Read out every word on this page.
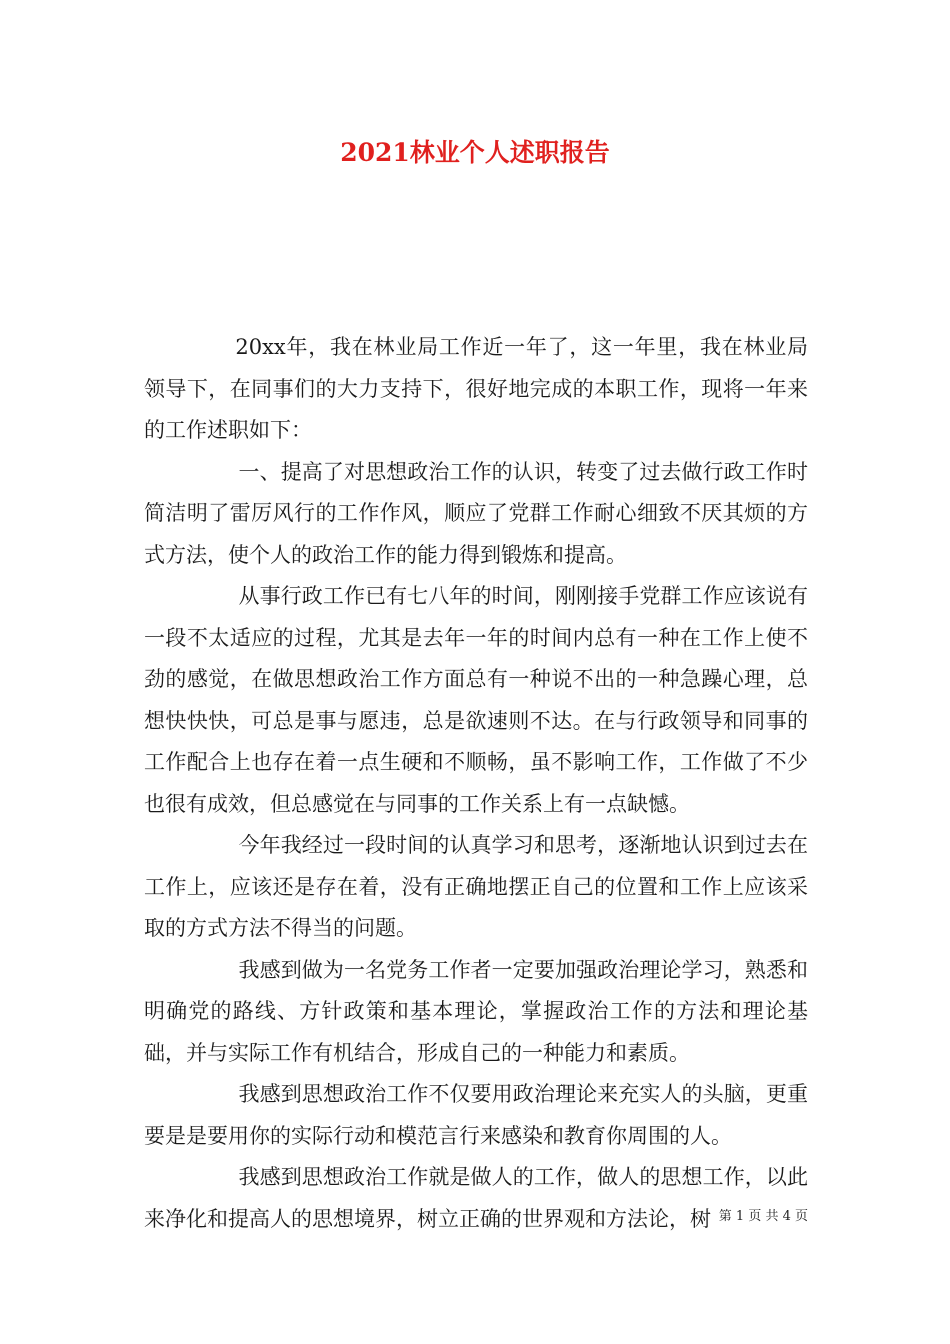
2021林业个人述职报告

20xx年，我在林业局工作近一年了，这一年里，我在林业局领导下，在同事们的大力支持下，很好地完成的本职工作，现将一年来的工作述职如下：

一、提高了对思想政治工作的认识，转变了过去做行政工作时简洁明了雷厉风行的工作作风，顺应了党群工作耐心细致不厌其烦的方式方法，使个人的政治工作的能力得到锻炼和提高。

从事行政工作已有七八年的时间，刚刚接手党群工作应该说有一段不太适应的过程，尤其是去年一年的时间内总有一种在工作上使不劲的感觉，在做思想政治工作方面总有一种说不出的一种急躁心理，总想快快快，可总是事与愿违，总是欲速则不达。在与行政领导和同事的工作配合上也存在着一点生硬和不顺畅，虽不影响工作，工作做了不少也很有成效，但总感觉在与同事的工作关系上有一点缺憾。

今年我经过一段时间的认真学习和思考，逐渐地认识到过去在工作上，应该还是存在着，没有正确地摆正自己的位置和工作上应该采取的方式方法不得当的问题。

我感到做为一名党务工作者一定要加强政治理论学习，熟悉和明确党的路线、方针政策和基本理论，掌握政治工作的方法和理论基础，并与实际工作有机结合，形成自己的一种能力和素质。

我感到思想政治工作不仅要用政治理论来充实人的头脑，更重要是是要用你的实际行动和模范言行来感染和教育你周围的人。

我感到思想政治工作就是做人的工作，做人的思想工作，以此来净化和提高人的思想境界，树立正确的世界观和方法论，树 第 1 页 共 4 页
